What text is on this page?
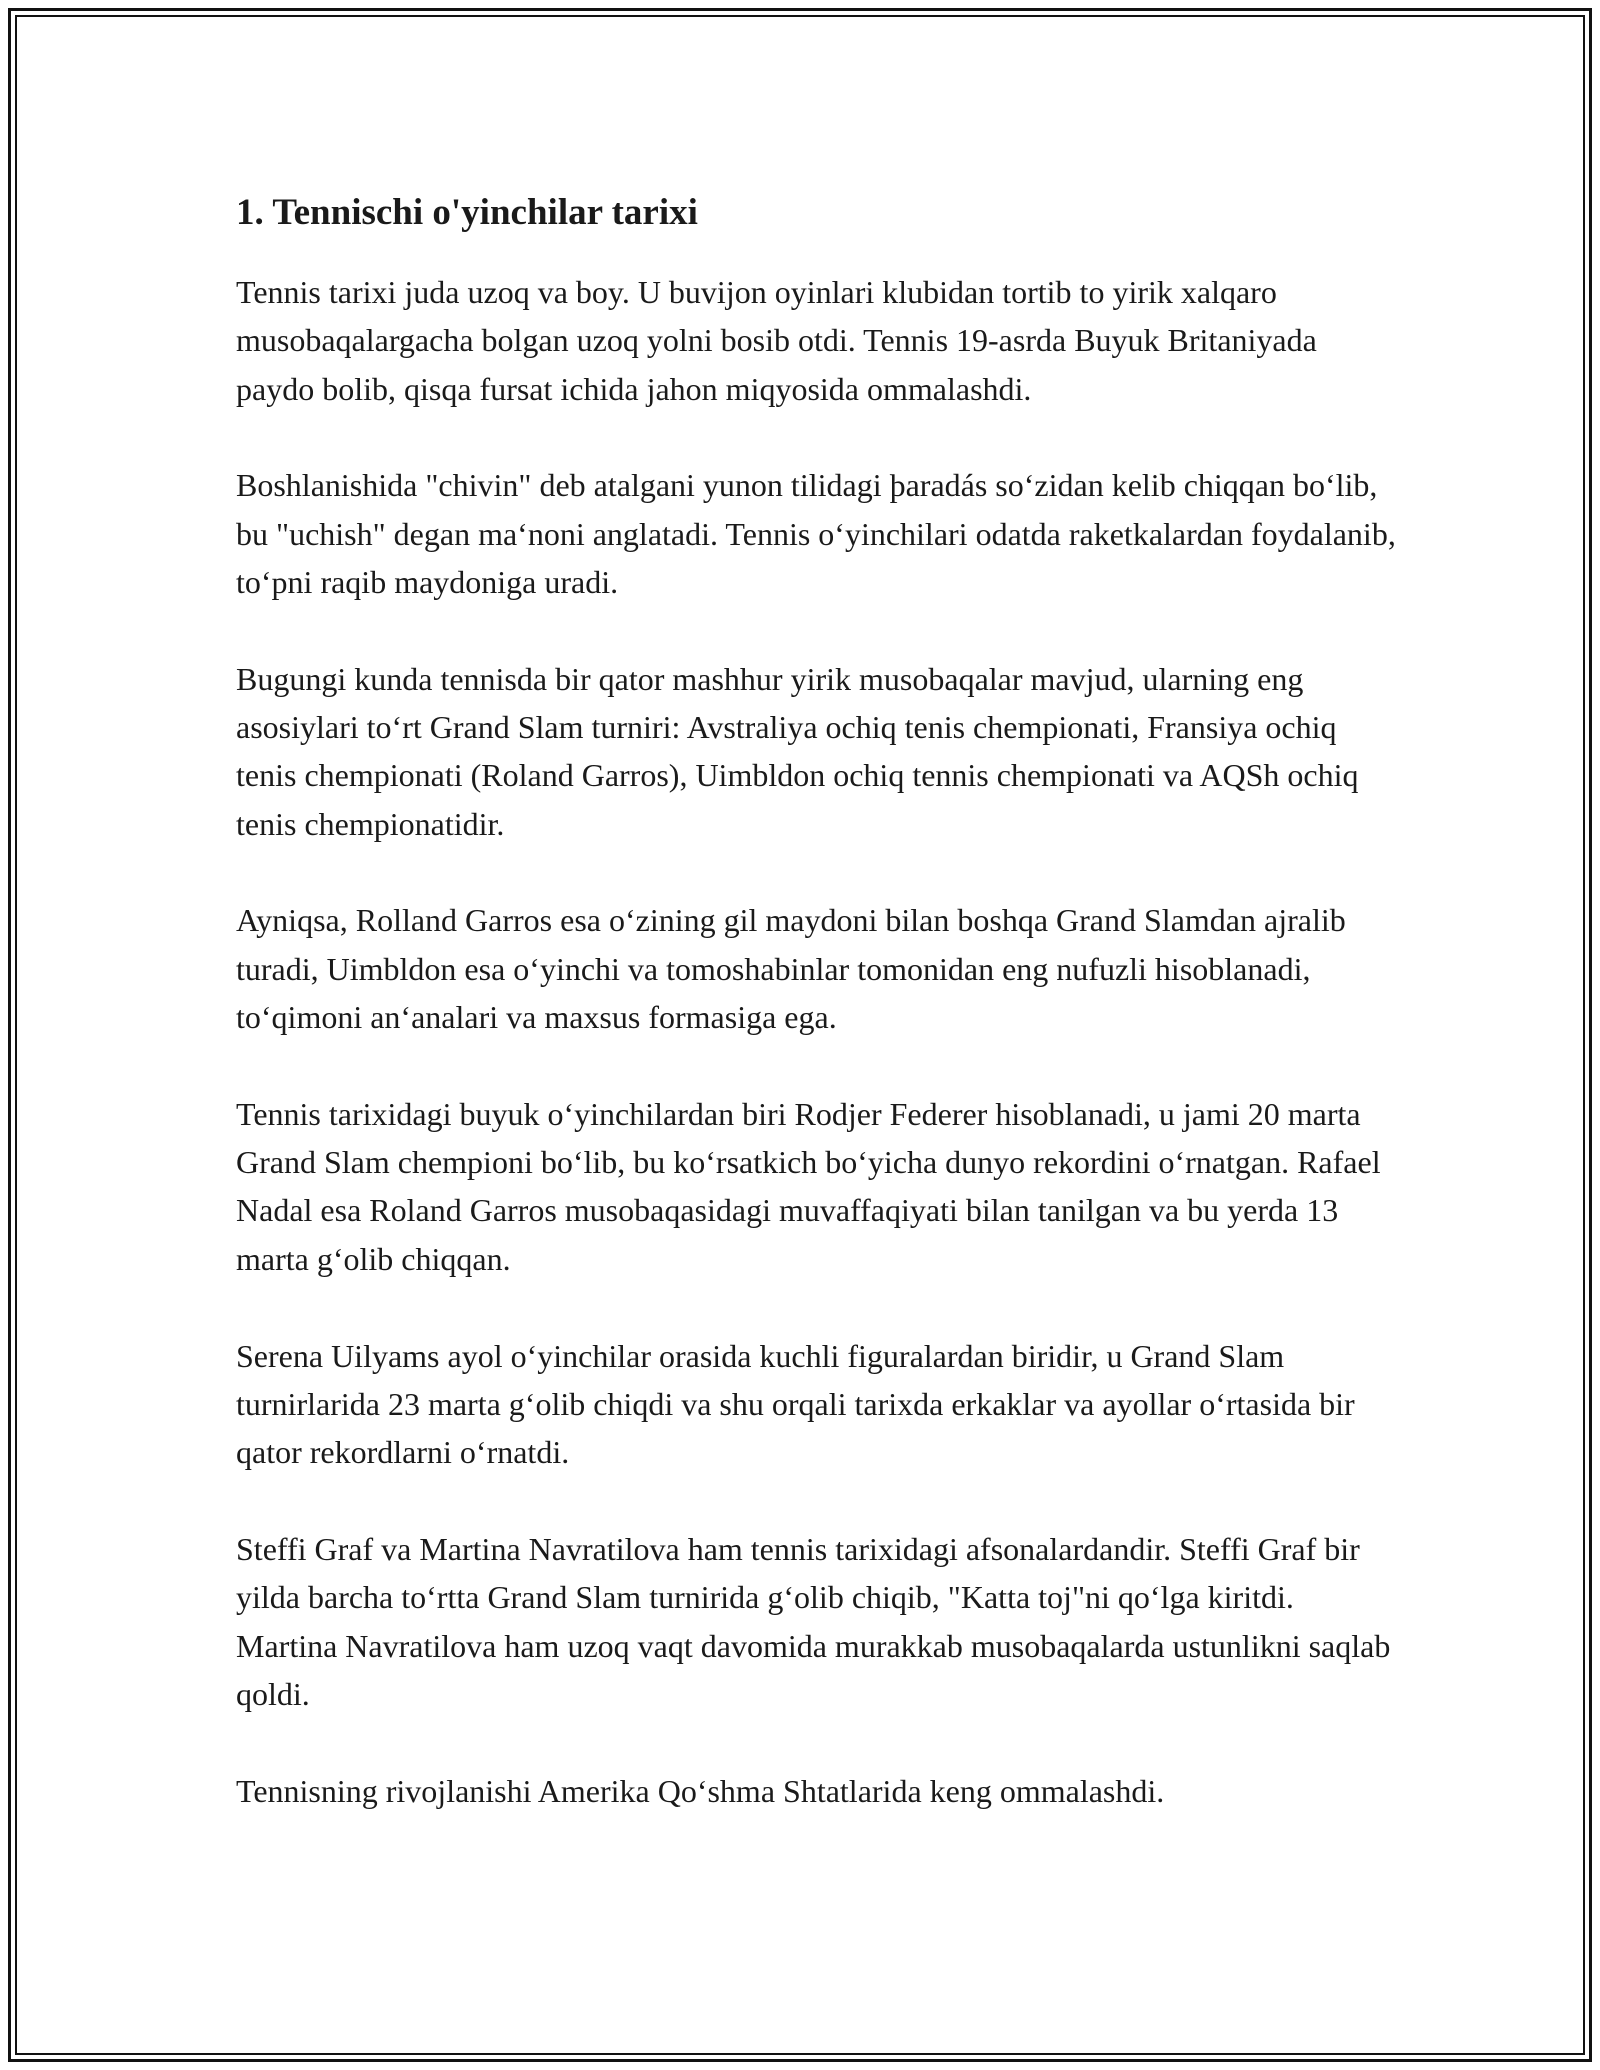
1. Tennischi o'yinchilar tarixi

Tennis tarixi juda uzoq va boy. U buvijon oyinlari klubidan tortib to yirik xalqaro musobaqalargacha bolgan uzoq yolni bosib otdi. Tennis 19-asrda Buyuk Britaniyada paydo bolib, qisqa fursat ichida jahon miqyosida ommalashdi.

Boshlanishida "chivin" deb atalgani yunon tilidagi þaradás soʻzidan kelib chiqqan boʻlib, bu "uchish" degan maʻnoni anglatadi. Tennis oʻyinchilari odatda raketkalardan foydalanib, toʻpni raqib maydoniga uradi.

Bugungi kunda tennisda bir qator mashhur yirik musobaqalar mavjud, ularning eng asosiylari toʻrt Grand Slam turniri: Avstraliya ochiq tenis chempionati, Fransiya ochiq tenis chempionati (Roland Garros), Uimbldon ochiq tennis chempionati va AQSh ochiq tenis chempionatidir.

Ayniqsa, Rolland Garros esa oʻzining gil maydoni bilan boshqa Grand Slamdan ajralib turadi, Uimbldon esa oʻyinchi va tomoshabinlar tomonidan eng nufuzli hisoblanadi, toʻqimoni anʻanalari va maxsus formasiga ega.

Tennis tarixidagi buyuk oʻyinchilardan biri Rodjer Federer hisoblanadi, u jami 20 marta Grand Slam chempioni boʻlib, bu koʻrsatkich boʻyicha dunyo rekordini oʻrnatgan. Rafael Nadal esa Roland Garros musobaqasidagi muvaffaqiyati bilan tanilgan va bu yerda 13 marta gʻolib chiqqan.

Serena Uilyams ayol oʻyinchilar orasida kuchli figuralardan biridir, u Grand Slam turnirlarida 23 marta gʻolib chiqdi va shu orqali tarixda erkaklar va ayollar oʻrtasida bir qator rekordlarni oʻrnatdi.

Steffi Graf va Martina Navratilova ham tennis tarixidagi afsonalardandir. Steffi Graf bir yilda barcha toʻrtta Grand Slam turnirida gʻolib chiqib, "Katta toj"ni qoʻlga kiritdi. Martina Navratilova ham uzoq vaqt davomida murakkab musobaqalarda ustunlikni saqlab qoldi.

Tennisning rivojlanishi Amerika Qoʻshma Shtatlarida keng ommalashdi.
